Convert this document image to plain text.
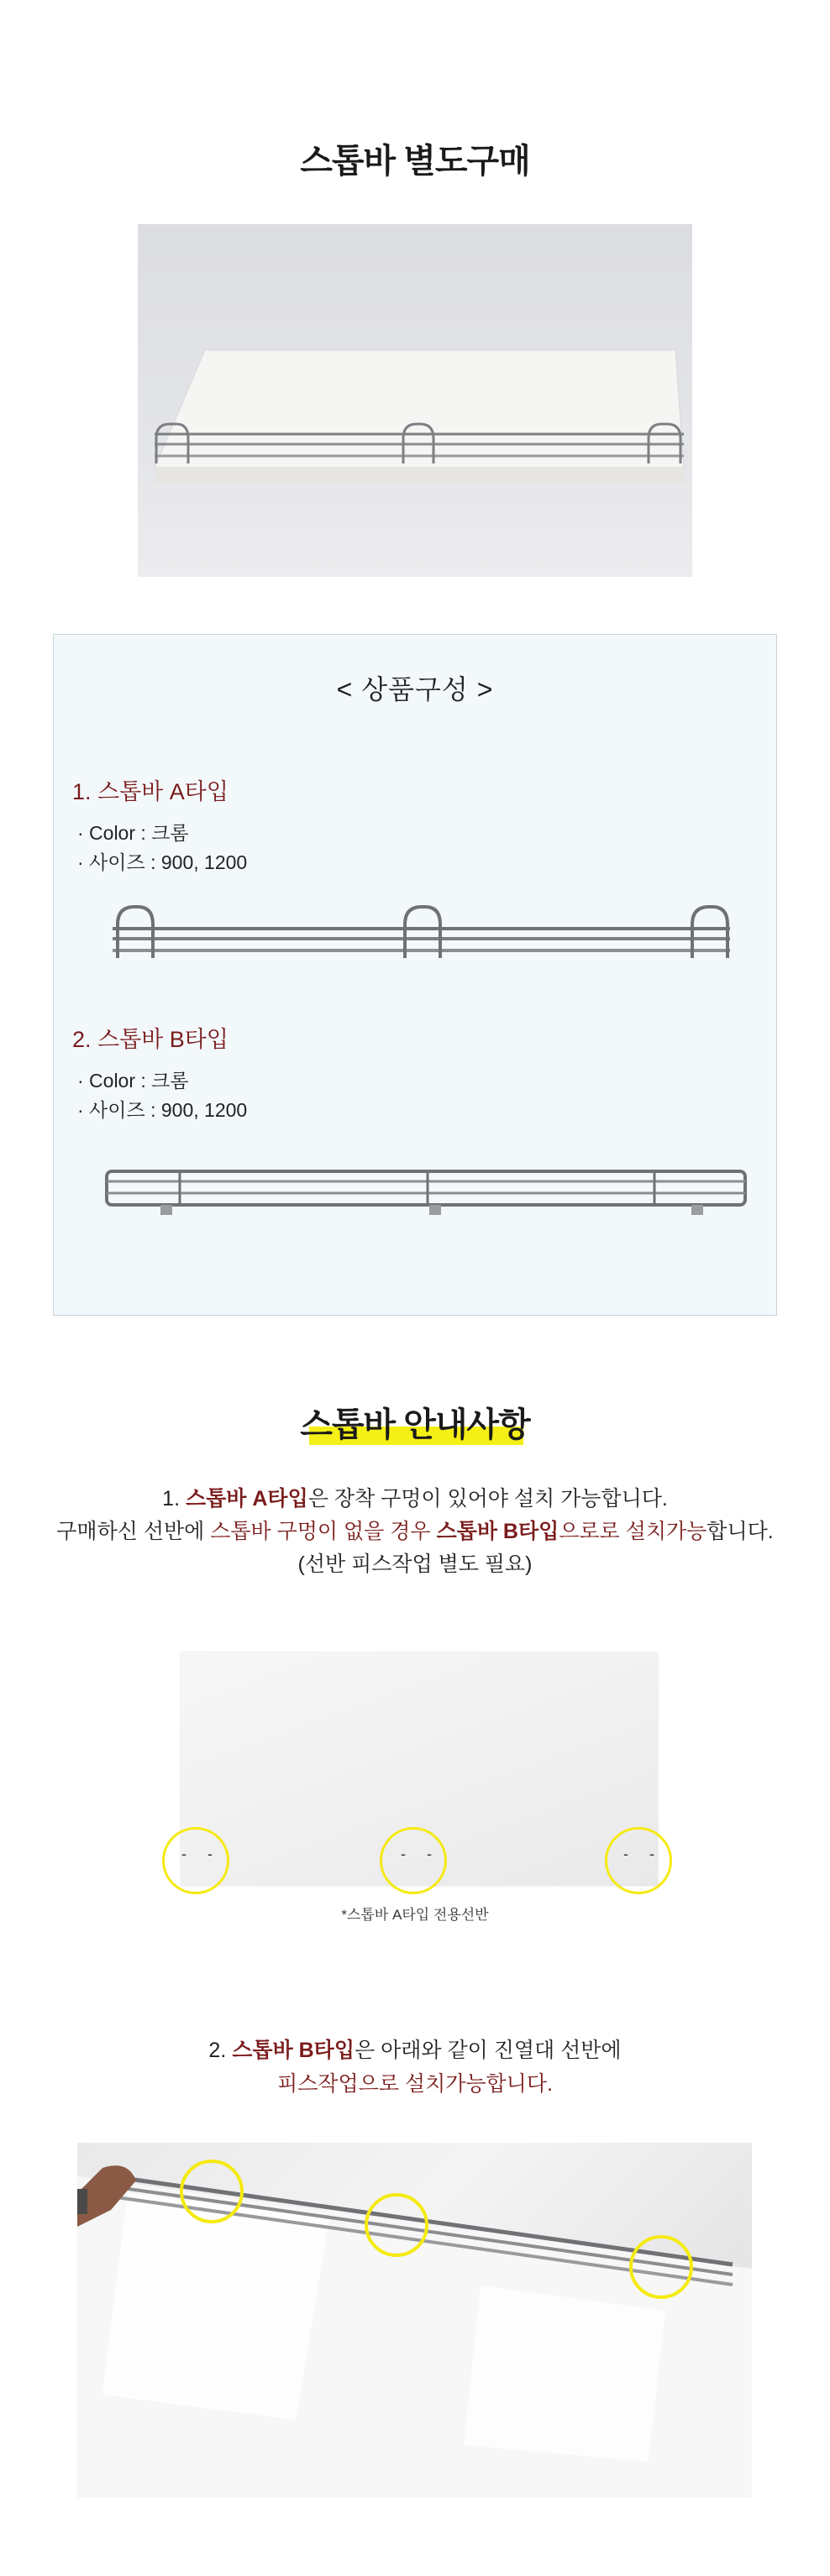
스톱바 별도구매
< 상품구성 >
1. 스톱바 A타입
· Color : 크롬
· 사이즈 : 900, 1200
2. 스톱바 B타입
· Color : 크롬
· 사이즈 : 900, 1200
스톱바 안내사항
1. 스톱바 A타입은 장착 구멍이 있어야 설치 가능합니다.
구매하신 선반에 스톱바 구멍이 없을 경우 스톱바 B타입으로로 설치가능합니다.
(선반 피스작업 별도 필요)
- -	- -	- -
*스톱바 A타입 전용선반
2. 스톱바 B타입은 아래와 같이 진열대 선반에
피스작업으로 설치가능합니다.
